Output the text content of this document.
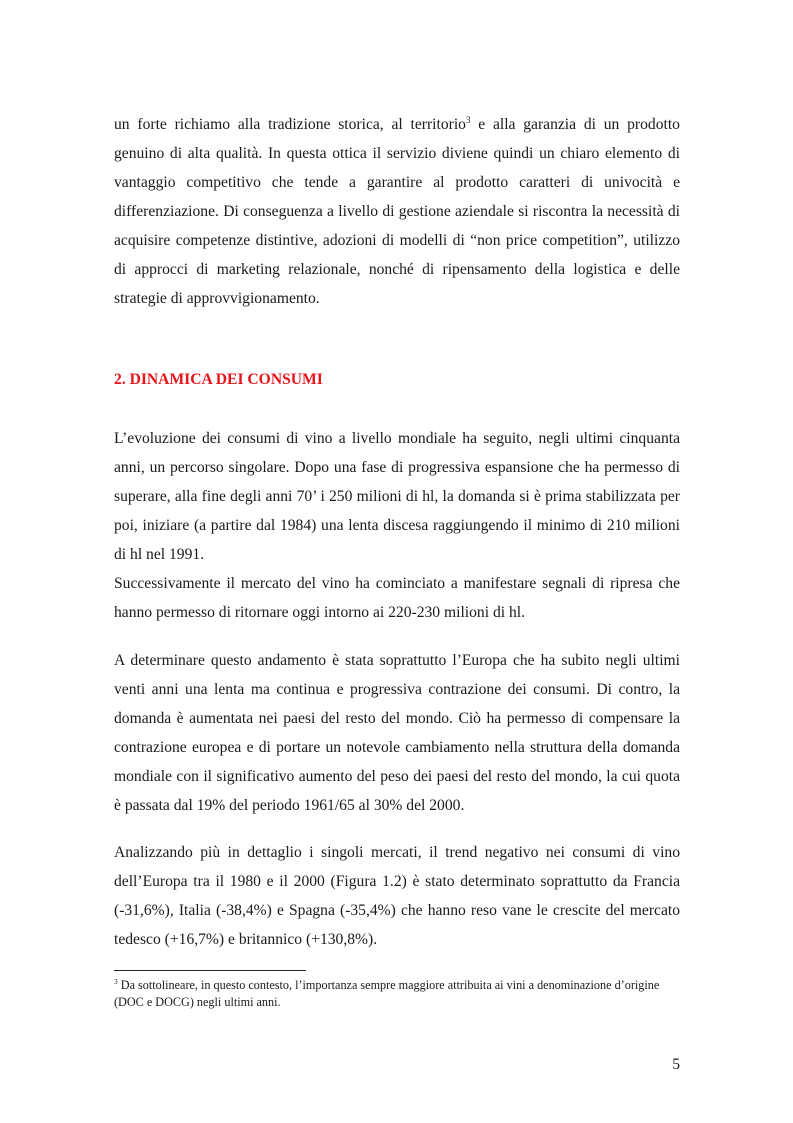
un forte richiamo alla tradizione storica, al territorio$^3$ e alla garanzia di un prodotto genuino di alta qualità. In questa ottica il servizio diviene quindi un chiaro elemento di vantaggio competitivo che tende a garantire al prodotto caratteri di univocità e differenziazione. Di conseguenza a livello di gestione aziendale si riscontra la necessità di acquisire competenze distintive, adozioni di modelli di “non price competition”, utilizzo di approcci di marketing relazionale, nonché di ripensamento della logistica e delle strategie di approvvigionamento.

2. DINAMICA DEI CONSUMI

L’evoluzione dei consumi di vino a livello mondiale ha seguito, negli ultimi cinquanta anni, un percorso singolare. Dopo una fase di progressiva espansione che ha permesso di superare, alla fine degli anni 70’ i 250 milioni di hl, la domanda si è prima stabilizzata per poi, iniziare (a partire dal 1984) una lenta discesa raggiungendo il minimo di 210 milioni di hl nel 1991.
Successivamente il mercato del vino ha cominciato a manifestare segnali di ripresa che hanno permesso di ritornare oggi intorno ai 220-230 milioni di hl.

A determinare questo andamento è stata soprattutto l’Europa che ha subito negli ultimi venti anni una lenta ma continua e progressiva contrazione dei consumi. Di contro, la domanda è aumentata nei paesi del resto del mondo. Ciò ha permesso di compensare la contrazione europea e di portare un notevole cambiamento nella struttura della domanda mondiale con il significativo aumento del peso dei paesi del resto del mondo, la cui quota è passata dal 19% del periodo 1961/65 al 30% del 2000.

Analizzando più in dettaglio i singoli mercati, il trend negativo nei consumi di vino dell’Europa tra il 1980 e il 2000 (Figura 1.2) è stato determinato soprattutto da Francia (-31,6%), Italia (-38,4%) e Spagna (-35,4%) che hanno reso vane le crescite del mercato tedesco (+16,7%) e britannico (+130,8%).

$^3$ Da sottolineare, in questo contesto, l’importanza sempre maggiore attribuita ai vini a denominazione d’origine (DOC e DOCG) negli ultimi anni.

5
